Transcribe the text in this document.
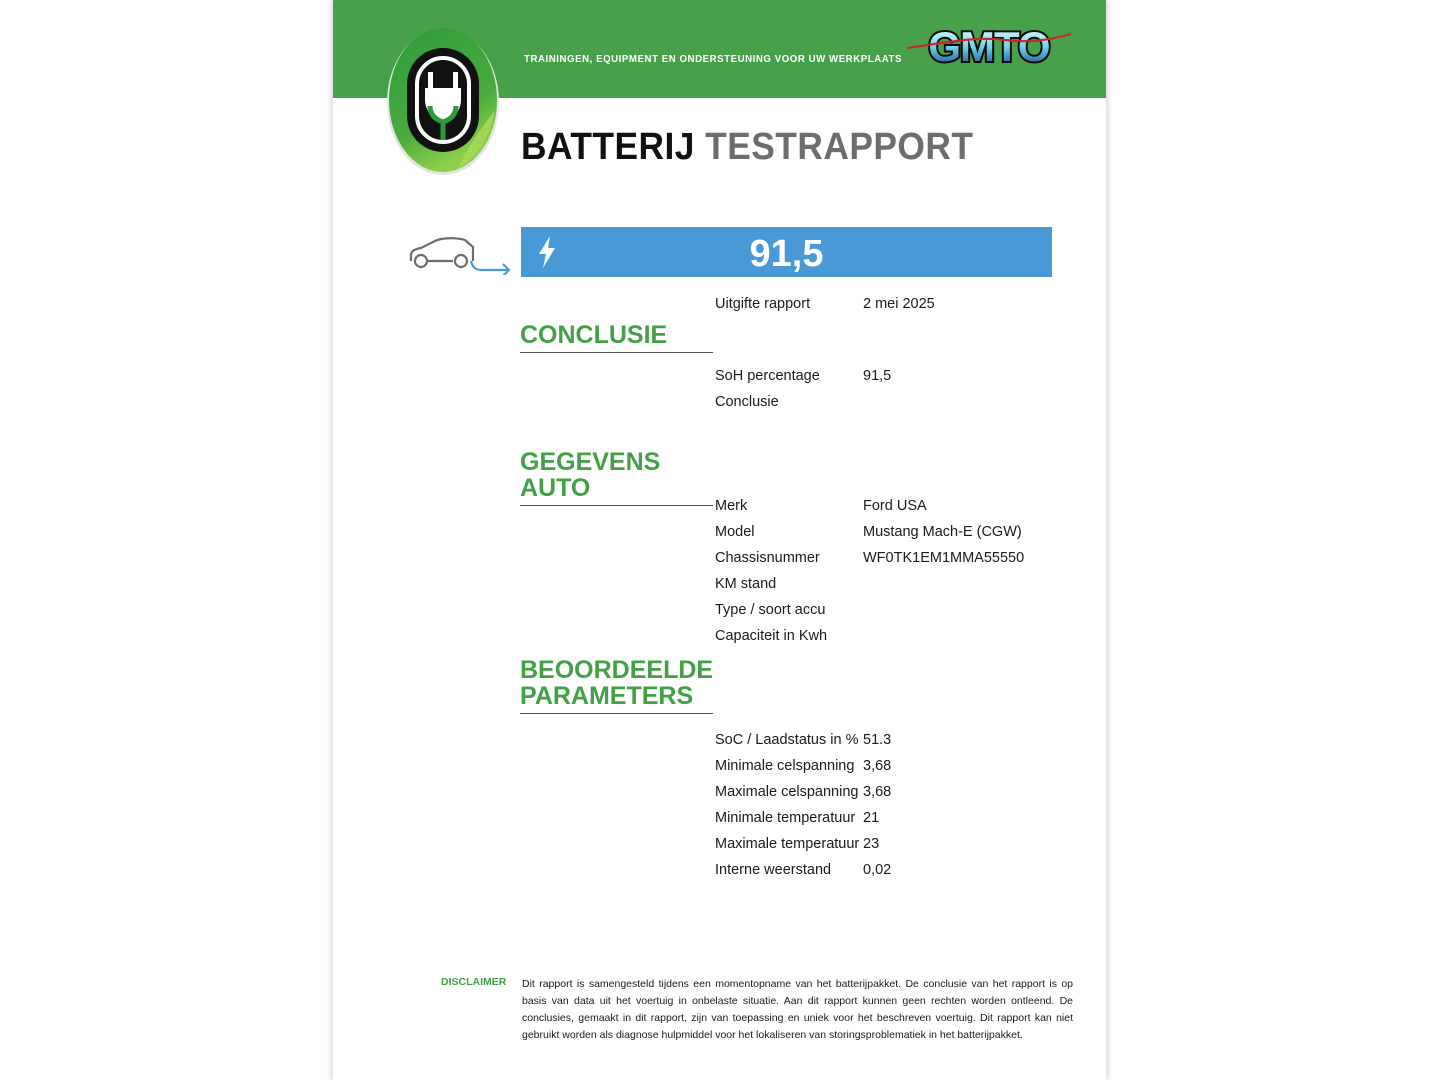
TRAININGEN, EQUIPMENT EN ONDERSTEUNING VOOR UW WERKPLAATS GMTO
BATTERIJ TESTRAPPORT
91,5
Uitgifte rapport	2 mei 2025
CONCLUSIE
SoH percentage	91,5
Conclusie
GEGEVENS AUTO
Merk	Ford USA
Model	Mustang Mach-E (CGW)
Chassisnummer	WF0TK1EM1MMA55550
KM stand
Type / soort accu
Capaciteit in Kwh
BEOORDEELDE
PARAMETERS
SoC / Laadstatus in % 51.3
Minimale celspanning 3,68
Maximale celspanning 3,68
Minimale temperatuur 21
Maximale temperatuur 23
Interne weerstand 0,02
DISCLAIMER Dit rapport is samengesteld tijdens een momentopname van het batterijpakket. De conclusie van het rapport is op basis van data uit het voertuig in onbelaste situatie. Aan dit rapport kunnen geen rechten worden ontleend. De conclusies, gemaakt in dit rapport, zijn van toepassing en uniek voor het beschreven voertuig. Dit rapport kan niet gebruikt worden als diagnose hulpmiddel voor het lokaliseren van storingsproblematiek in het batterijpakket.
